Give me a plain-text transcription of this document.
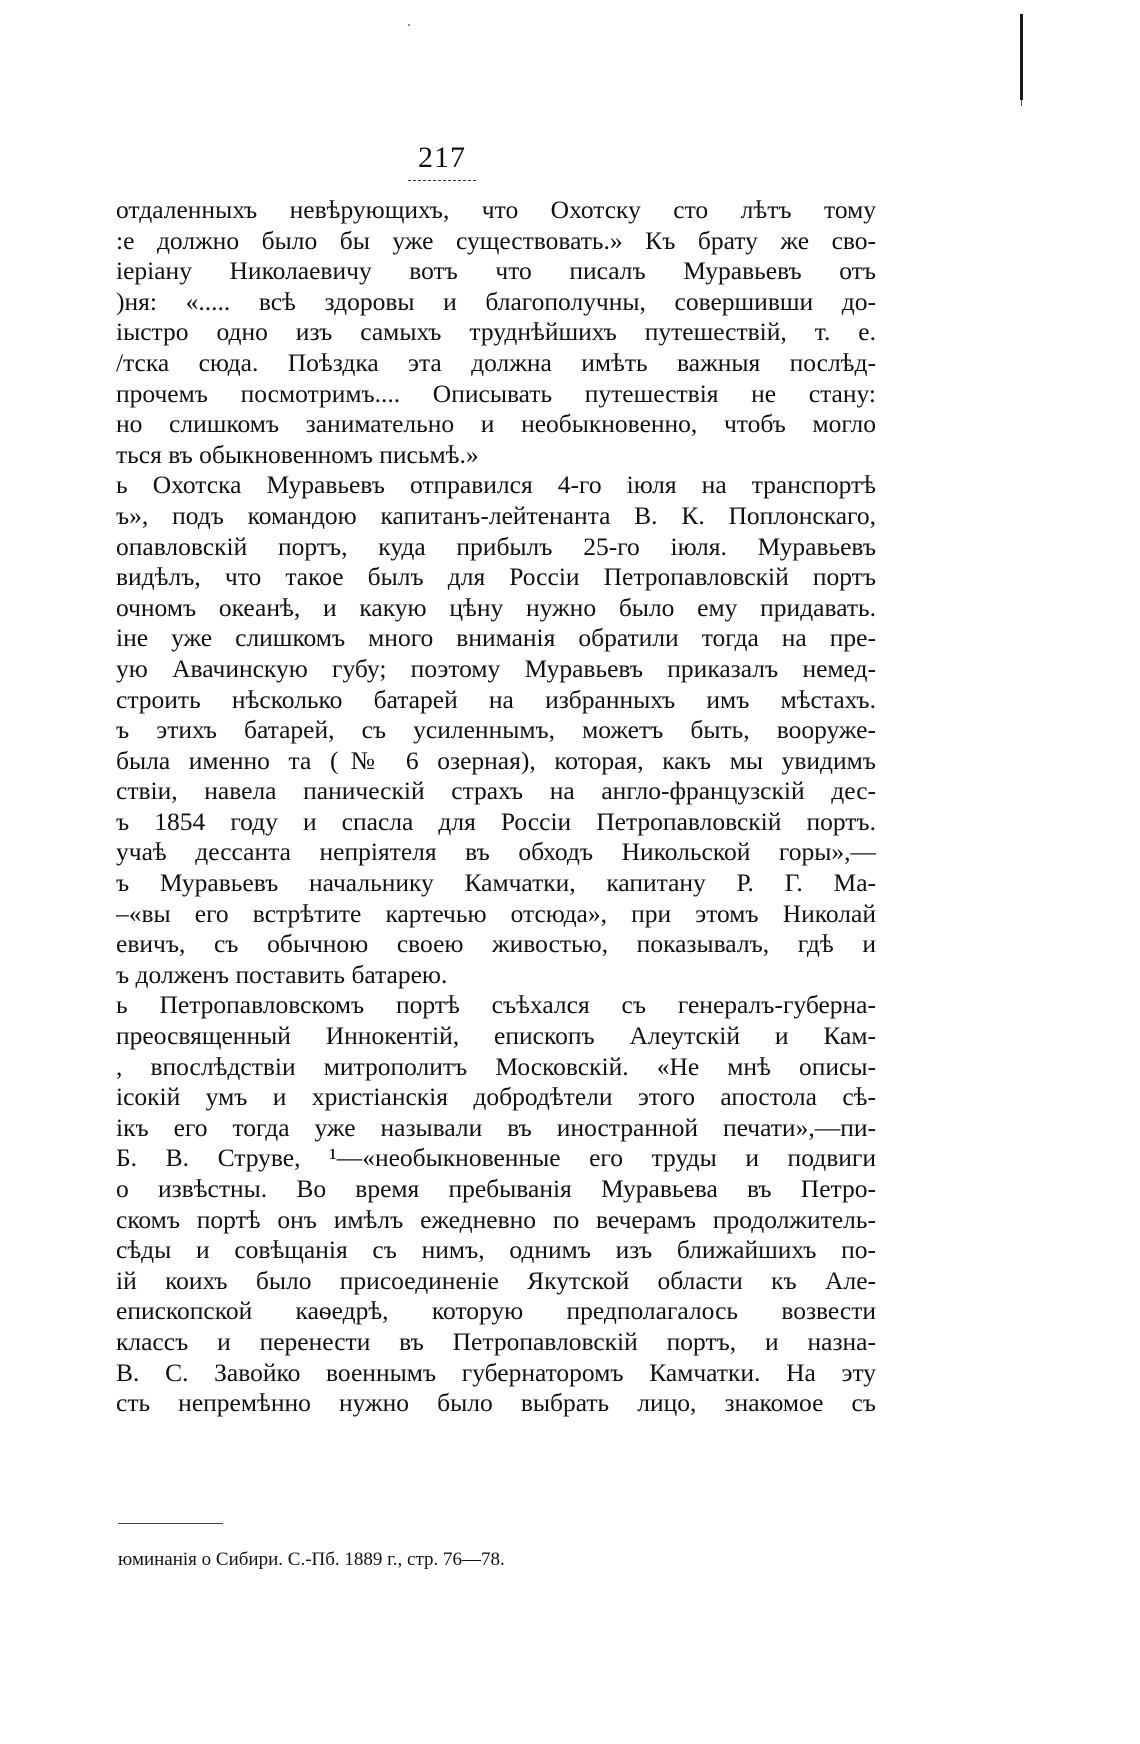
217
отдаленныхъ невѣрующихъ, что Охотску сто лѣтъ тому
:е должно было бы уже существовать.» Къ брату же сво-
іеріану Николаевичу вотъ что писалъ Муравьевъ отъ
)ня: «..... всѣ здоровы и благополучны, совершивши до-
іыстро одно изъ самыхъ труднѣйшихъ путешествій, т. е.
/тска сюда. Поѣздка эта должна имѣть важныя послѣд-
прочемъ посмотримъ.... Описывать путешествія не стану:
но слишкомъ занимательно и необыкновенно, чтобъ могло
ться въ обыкновенномъ письмѣ.»
ь Охотска Муравьевъ отправился 4-го іюля на транспортѣ
ъ», подъ командою капитанъ-лейтенанта В. К. Поплонскаго,
опавловскій портъ, куда прибылъ 25-го іюля. Муравьевъ
видѣлъ, что такое былъ для Россіи Петропавловскій портъ
очномъ океанѣ, и какую цѣну нужно было ему придавать.
іне уже слишкомъ много вниманія обратили тогда на пре-
ую Авачинскую губу; поэтому Муравьевъ приказалъ немед-
строить нѣсколько батарей на избранныхъ имъ мѣстахъ.
ъ этихъ батарей, съ усиленнымъ, можетъ быть, вооруже-
была именно та (№ 6 озерная), которая, какъ мы увидимъ
ствіи, навела паническій страхъ на англо-французскій дес-
ъ 1854 году и спасла для Россіи Петропавловскій портъ.
учаѣ дессанта непріятеля въ обходъ Никольской горы»,—
ъ Муравьевъ начальнику Камчатки, капитану Р. Г. Ма-
–«вы его встрѣтите картечью отсюда», при этомъ Николай
евичъ, съ обычною своею живостью, показывалъ, гдѣ и
ъ долженъ поставить батарею.
ь Петропавловскомъ портѣ съѣхался съ генералъ-губерна-
преосвященный Иннокентій, епископъ Алеутскій и Кам-
, впослѣдствіи митрополитъ Московскій. «Не мнѣ описы-
ісокій умъ и христіанскія добродѣтели этого апостола сѣ-
ікъ его тогда уже называли въ иностранной печати»,—пи-
Б. В. Струве, ¹—«необыкновенные его труды и подвиги
о извѣстны. Во время пребыванія Муравьева въ Петро-
скомъ портѣ онъ имѣлъ ежедневно по вечерамъ продолжитель-
сѣды и совѣщанія съ нимъ, однимъ изъ ближайшихъ по-
ій коихъ было присоединеніе Якутской области къ Але-
епископской каѳедрѣ, которую предполагалось возвести
классъ и перенести въ Петропавловскій портъ, и назна-
В. С. Завойко военнымъ губернаторомъ Камчатки. На эту
сть непремѣнно нужно было выбрать лицо, знакомое съ
юминанія о Сибири. С.-Пб. 1889 г., стр. 76—78.
